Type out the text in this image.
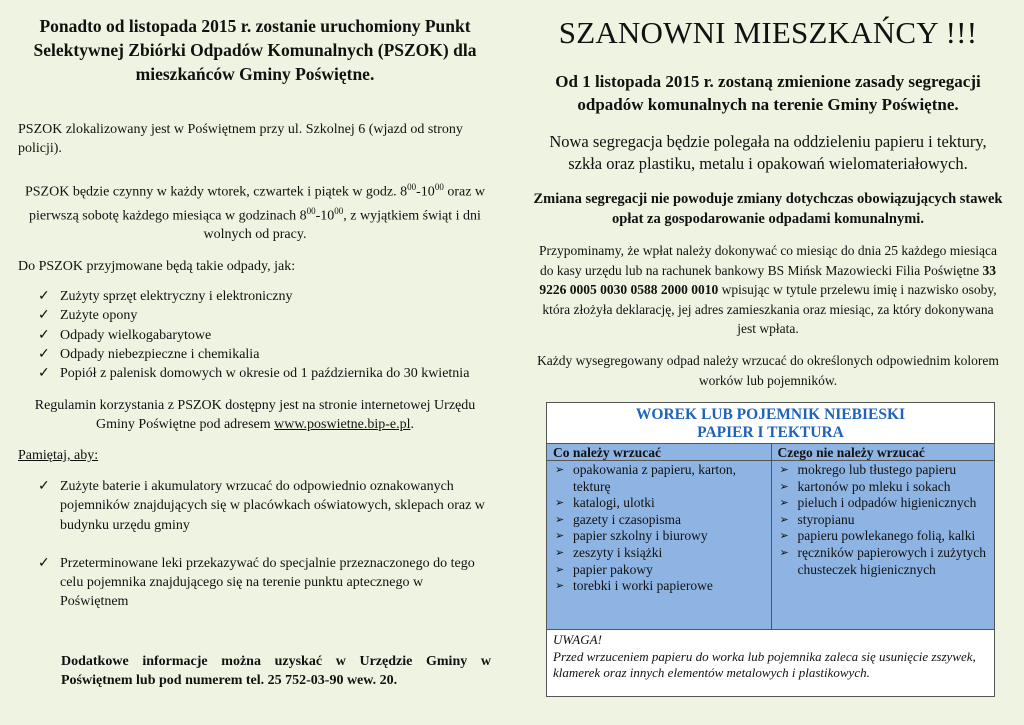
Ponadto od listopada 2015 r. zostanie uruchomiony Punkt Selektywnej Zbiórki Odpadów Komunalnych (PSZOK) dla mieszkańców Gminy Poświętne.
PSZOK zlokalizowany jest w Poświętnem przy ul. Szkolnej 6 (wjazd od strony policji).
PSZOK będzie czynny w każdy wtorek, czwartek i piątek w godz. $8^{00}-10^{00}$ oraz w pierwszą sobotę każdego miesiąca w godzinach $8^{00}-10^{00}$, z wyjątkiem świąt i dni wolnych od pracy.
Do PSZOK przyjmowane będą takie odpady, jak:
✓ Zużyty sprzęt elektryczny i elektroniczny
✓ Zużyte opony
✓ Odpady wielkogabarytowe
✓ Odpady niebezpieczne i chemikalia
✓ Popiół z palenisk domowych w okresie od 1 października do 30 kwietnia
Regulamin korzystania z PSZOK dostępny jest na stronie internetowej Urzędu Gminy Poświętne pod adresem www.poswietne.bip-e.pl.
Pamiętaj, aby:
✓ Zużyte baterie i akumulatory wrzucać do odpowiednio oznakowanych pojemników znajdujących się w placówkach oświatowych, sklepach oraz w budynku urzędu gminy
✓ Przeterminowane leki przekazywać do specjalnie przeznaczonego do tego celu pojemnika znajdującego się na terenie punktu aptecznego w Poświętnem
Dodatkowe informacje można uzyskać w Urzędzie Gminy w Poświętnem lub pod numerem tel. 25 752-03-90 wew. 20.
SZANOWNI MIESZKAŃCY !!!
Od 1 listopada 2015 r. zostaną zmienione zasady segregacji odpadów komunalnych na terenie Gminy Poświętne.
Nowa segregacja będzie polegała na oddzieleniu papieru i tektury, szkła oraz plastiku, metalu i opakowań wielomateriałowych.
Zmiana segregacji nie powoduje zmiany dotychczas obowiązujących stawek opłat za gospodarowanie odpadami komunalnymi.
Przypominamy, że wpłat należy dokonywać co miesiąc do dnia 25 każdego miesiąca do kasy urzędu lub na rachunek bankowy BS Mińsk Mazowiecki Filia Poświętne 33 9226 0005 0030 0588 2000 0010 wpisując w tytule przelewu imię i nazwisko osoby, która złożyła deklarację, jej adres zamieszkania oraz miesiąc, za który dokonywana jest wpłata.
Każdy wysegregowany odpad należy wrzucać do określonych odpowiednim kolorem worków lub pojemników.
WOREK LUB POJEMNIK NIEBIESKI
PAPIER I TEKTURA
Co należy wrzucać
➢ opakowania z papieru, karton, tekturę
➢ katalogi, ulotki
➢ gazety i czasopisma
➢ papier szkolny i biurowy
➢ zeszyty i książki
➢ papier pakowy
➢ torebki i worki papierowe
Czego nie należy wrzucać
➢ mokrego lub tłustego papieru
➢ kartonów po mleku i sokach
➢ pieluch i odpadów higienicznych
➢ styropianu
➢ papieru powlekanego folią, kalki
➢ ręczników papierowych i zużytych chusteczek higienicznych
UWAGA!
Przed wrzuceniem papieru do worka lub pojemnika zaleca się usunięcie zszywek, klamerek oraz innych elementów metalowych i plastikowych.
